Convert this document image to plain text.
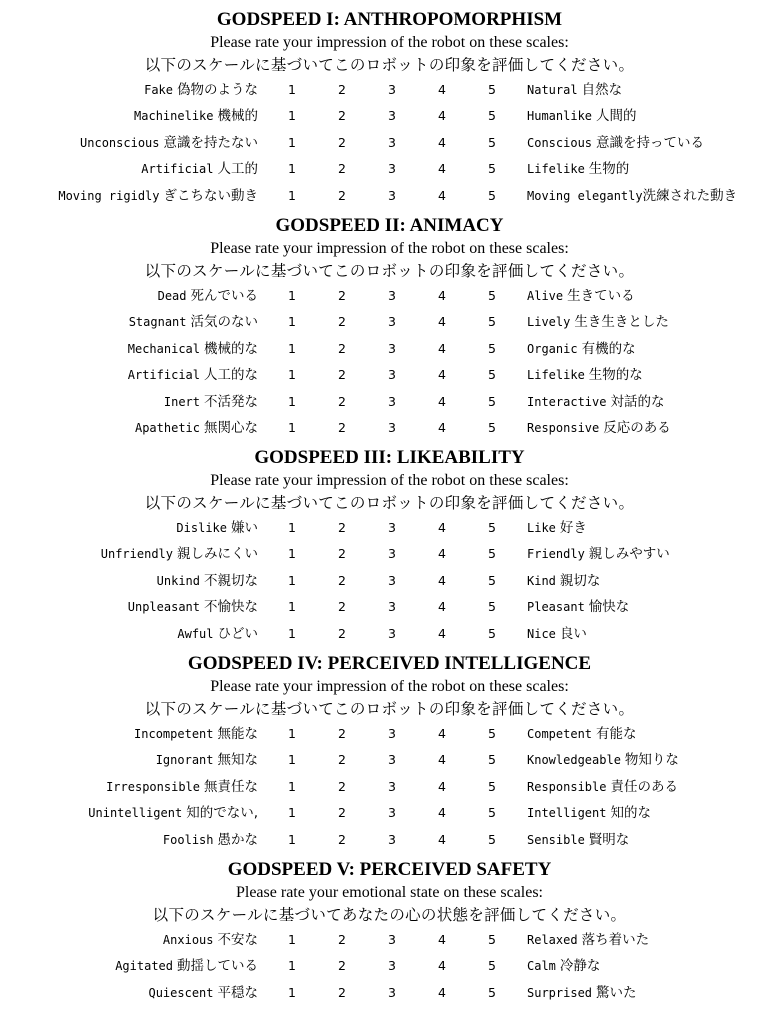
GODSPEED I: ANTHROPOMORPHISM
Please rate your impression of the robot on these scales:
以下のスケールに基づいてこのロボットの印象を評価してください。
Fake 偽物のような	1	2	3	4	5	Natural 自然な
Machinelike 機械的	1	2	3	4	5	Humanlike 人間的
Unconscious 意識を持たない	1	2	3	4	5	Conscious 意識を持っている
Artificial 人工的	1	2	3	4	5	Lifelike 生物的
Moving rigidly ぎこちない動き	1	2	3	4	5	Moving elegantly洗練された動き
GODSPEED II: ANIMACY
Please rate your impression of the robot on these scales:
以下のスケールに基づいてこのロボットの印象を評価してください。
Dead 死んでいる	1	2	3	4	5	Alive 生きている
Stagnant 活気のない	1	2	3	4	5	Lively 生き生きとした
Mechanical 機械的な	1	2	3	4	5	Organic 有機的な
Artificial 人工的な	1	2	3	4	5	Lifelike 生物的な
Inert 不活発な	1	2	3	4	5	Interactive 対話的な
Apathetic 無関心な	1	2	3	4	5	Responsive 反応のある
GODSPEED III: LIKEABILITY
Please rate your impression of the robot on these scales:
以下のスケールに基づいてこのロボットの印象を評価してください。
Dislike 嫌い	1	2	3	4	5	Like 好き
Unfriendly 親しみにくい	1	2	3	4	5	Friendly 親しみやすい
Unkind 不親切な	1	2	3	4	5	Kind 親切な
Unpleasant 不愉快な	1	2	3	4	5	Pleasant 愉快な
Awful ひどい	1	2	3	4	5	Nice 良い
GODSPEED IV: PERCEIVED INTELLIGENCE
Please rate your impression of the robot on these scales:
以下のスケールに基づいてこのロボットの印象を評価してください。
Incompetent 無能な	1	2	3	4	5	Competent 有能な
Ignorant 無知な	1	2	3	4	5	Knowledgeable 物知りな
Irresponsible 無責任な	1	2	3	4	5	Responsible 責任のある
Unintelligent 知的でない,	1	2	3	4	5	Intelligent 知的な
Foolish 愚かな	1	2	3	4	5	Sensible 賢明な
GODSPEED V: PERCEIVED SAFETY
Please rate your emotional state on these scales:
以下のスケールに基づいてあなたの心の状態を評価してください。
Anxious 不安な	1	2	3	4	5	Relaxed 落ち着いた
Agitated 動揺している	1	2	3	4	5	Calm 冷静な
Quiescent 平穏な	1	2	3	4	5	Surprised 驚いた
